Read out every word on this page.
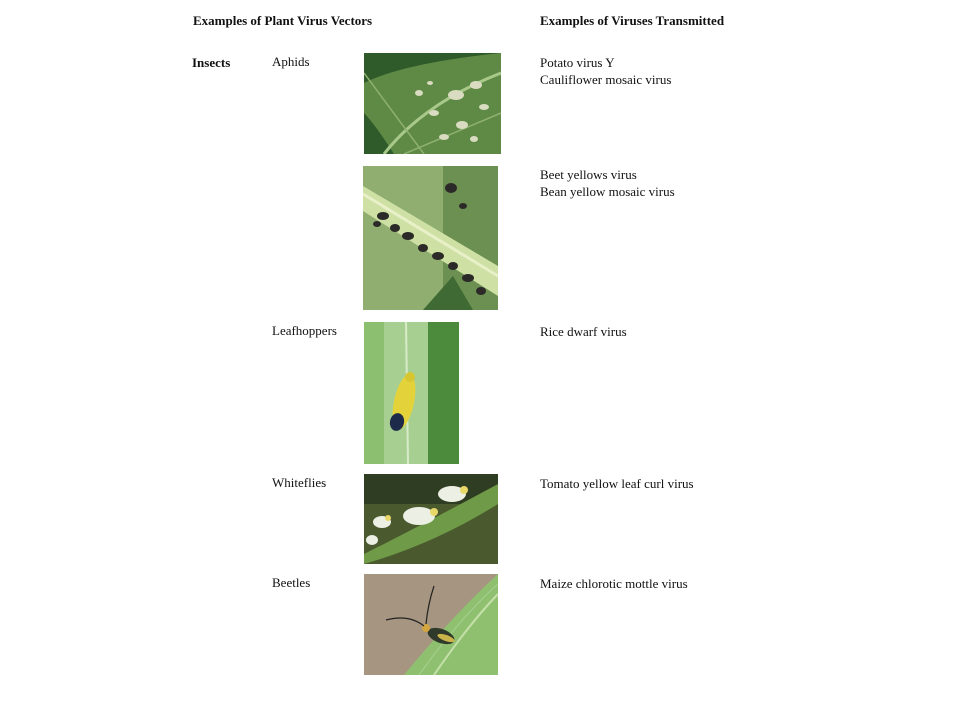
Examples of Plant Virus Vectors	Examples of Viruses Transmitted
Insects	Aphids	Potato virus Y
Cauliflower mosaic virus
Beet yellows virus
Bean yellow mosaic virus
Leafhoppers	Rice dwarf virus
Whiteflies	Tomato yellow leaf curl virus
Beetles	Maize chlorotic mottle virus
